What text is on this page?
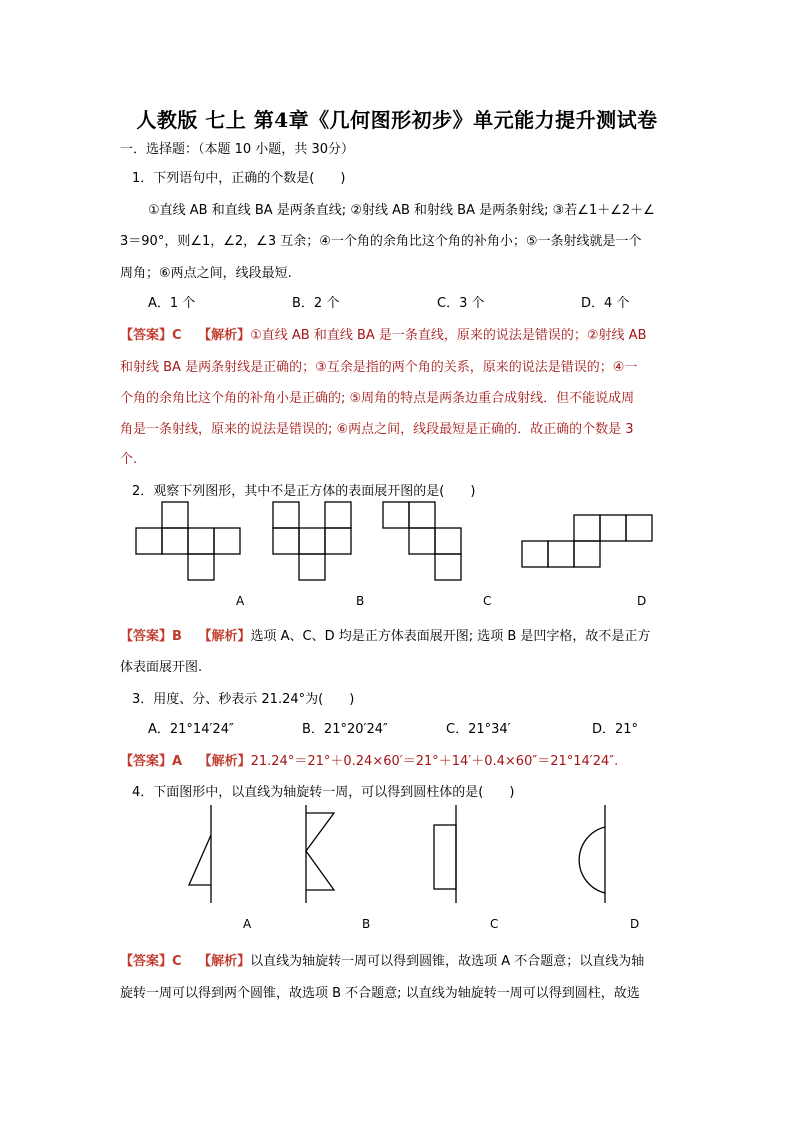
人教版 七上 第4章《几何图形初步》单元能力提升测试卷
一．选择题：（本题 10 小题，共 30分）
1．下列语句中，正确的个数是(　　)
①直线 AB 和直线 BA 是两条直线; ②射线 AB 和射线 BA 是两条射线; ③若∠1＋∠2＋∠
3＝90°，则∠1，∠2，∠3 互余；④一个角的余角比这个角的补角小；⑤一条射线就是一个
周角；⑥两点之间，线段最短.
A．1 个	B．2 个	C．3 个	D．4 个
【答案】C 【解析】①直线 AB 和直线 BA 是一条直线，原来的说法是错误的；②射线 AB
和射线 BA 是两条射线是正确的；③互余是指的两个角的关系，原来的说法是错误的；④一
个角的余角比这个角的补角小是正确的; ⑤周角的特点是两条边重合成射线．但不能说成周
角是一条射线，原来的说法是错误的; ⑥两点之间，线段最短是正确的．故正确的个数是 3
个.
2．观察下列图形，其中不是正方体的表面展开图的是(　　)
A	B	C	D
【答案】B 【解析】选项 A、C、D 均是正方体表面展开图; 选项 B 是凹字格，故不是正方
体表面展开图.
3．用度、分、秒表示 21.24°为(　　)
A．21°14′24″	B．21°20′24″	C．21°34′	D．21°
【答案】A 【解析】21.24°＝21°＋0.24×60′＝21°＋14′＋0.4×60″＝21°14′24″.
4．下面图形中，以直线为轴旋转一周，可以得到圆柱体的是(　　)
A	B	C	D
【答案】C 【解析】以直线为轴旋转一周可以得到圆锥，故选项 A 不合题意；以直线为轴
旋转一周可以得到两个圆锥，故选项 B 不合题意; 以直线为轴旋转一周可以得到圆柱，故选
